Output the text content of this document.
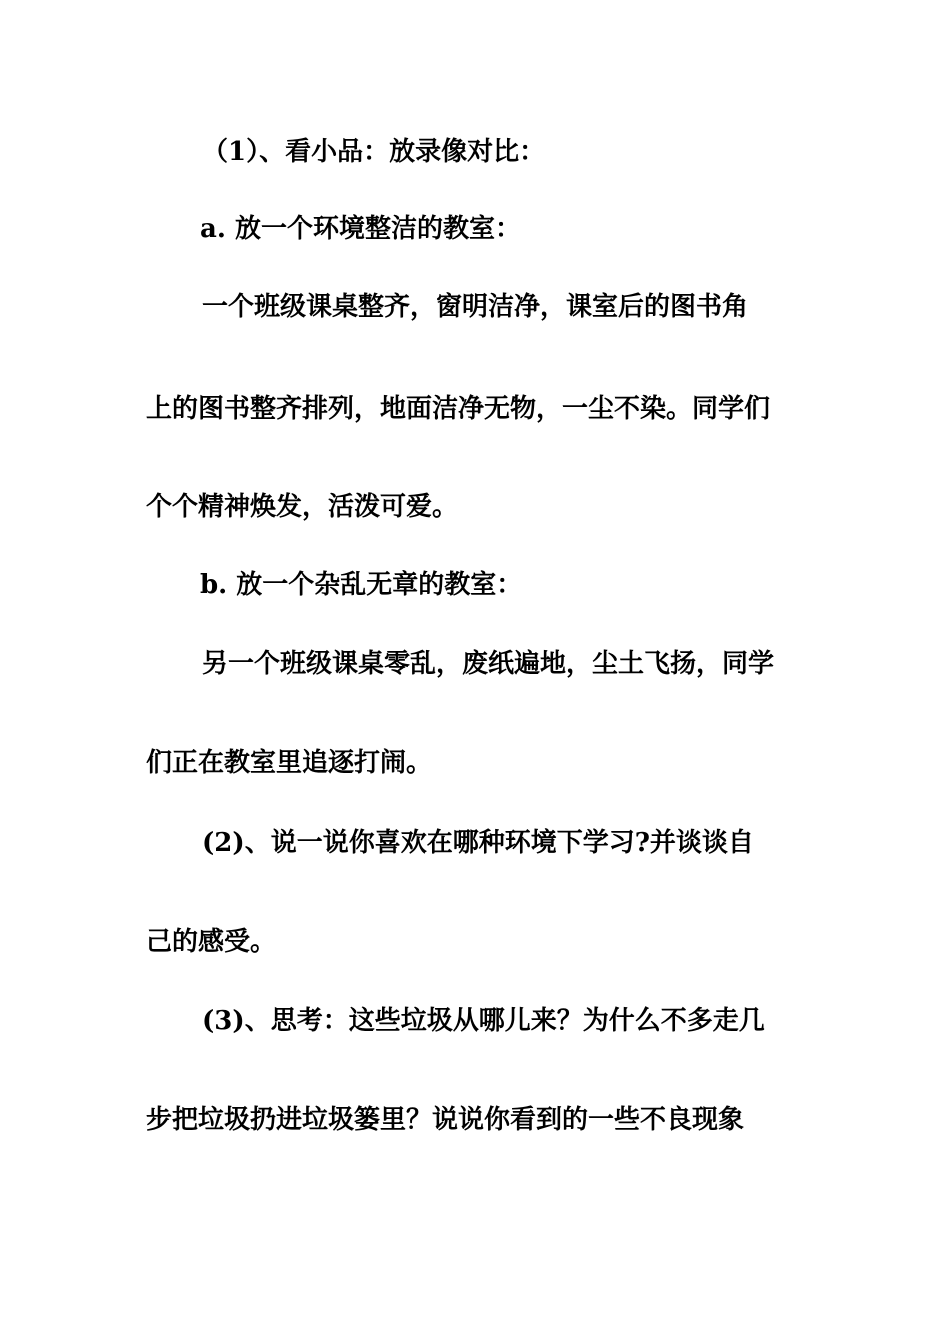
（1）、看小品：放录像对比：
a. 放一个环境整洁的教室：
一个班级课桌整齐，窗明洁净，课室后的图书角
上的图书整齐排列，地面洁净无物，一尘不染。同学们
个个精神焕发，活泼可爱。
b. 放一个杂乱无章的教室：
另一个班级课桌零乱，废纸遍地，尘土飞扬，同学
们正在教室里追逐打闹。
(2)、说一说你喜欢在哪种环境下学习?并谈谈自
己的感受。
(3)、思考：这些垃圾从哪儿来？为什么不多走几
步把垃圾扔进垃圾篓里？说说你看到的一些不良现象
